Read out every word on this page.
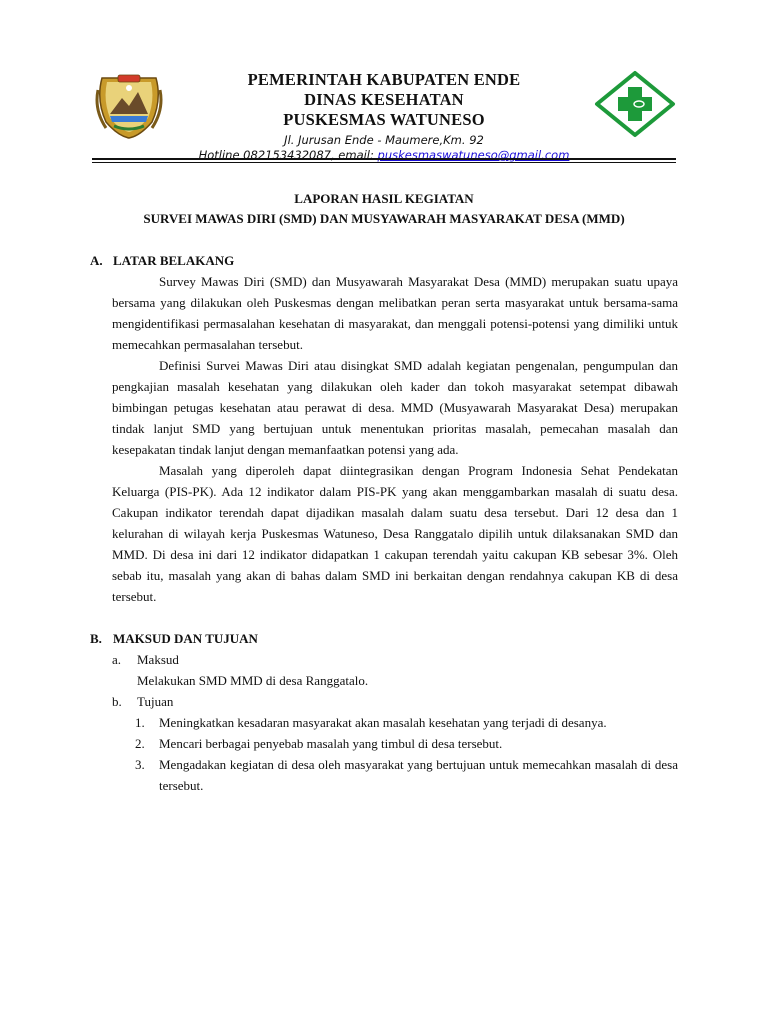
PEMERINTAH KABUPATEN ENDE
DINAS KESEHATAN
PUSKESMAS WATUNESO
Jl. Jurusan Ende - Maumere,Km. 92
Hotline 082153432087, email: puskesmaswatuneso@gmail.com
LAPORAN HASIL KEGIATAN
SURVEI MAWAS DIRI (SMD) DAN MUSYAWARAH MASYARAKAT DESA (MMD)
A. LATAR BELAKANG

Survey Mawas Diri (SMD) dan Musyawarah Masyarakat Desa (MMD) merupakan suatu upaya bersama yang dilakukan oleh Puskesmas dengan melibatkan peran serta masyarakat untuk bersama-sama mengidentifikasi permasalahan kesehatan di masyarakat, dan menggali potensi-potensi yang dimiliki untuk memecahkan permasalahan tersebut.

Definisi Survei Mawas Diri atau disingkat SMD adalah kegiatan pengenalan, pengumpulan dan pengkajian masalah kesehatan yang dilakukan oleh kader dan tokoh masyarakat setempat dibawah bimbingan petugas kesehatan atau perawat di desa. MMD (Musyawarah Masyarakat Desa) merupakan tindak lanjut SMD yang bertujuan untuk menentukan prioritas masalah, pemecahan masalah dan kesepakatan tindak lanjut dengan memanfaatkan potensi yang ada.

Masalah yang diperoleh dapat diintegrasikan dengan Program Indonesia Sehat Pendekatan Keluarga (PIS-PK). Ada 12 indikator dalam PIS-PK yang akan menggambarkan masalah di suatu desa. Cakupan indikator terendah dapat dijadikan masalah dalam suatu desa tersebut. Dari 12 desa dan 1 kelurahan di wilayah kerja Puskesmas Watuneso, Desa Ranggatalo dipilih untuk dilaksanakan SMD dan MMD. Di desa ini dari 12 indikator didapatkan 1 cakupan terendah yaitu cakupan KB sebesar 3%. Oleh sebab itu, masalah yang akan di bahas dalam SMD ini berkaitan dengan rendahnya cakupan KB di desa tersebut.

B. MAKSUD DAN TUJUAN
a. Maksud
Melakukan SMD MMD di desa Ranggatalo.
b. Tujuan
1. Meningkatkan kesadaran masyarakat akan masalah kesehatan yang terjadi di desanya.
2. Mencari berbagai penyebab masalah yang timbul di desa tersebut.
3. Mengadakan kegiatan di desa oleh masyarakat yang bertujuan untuk memecahkan masalah di desa tersebut.
